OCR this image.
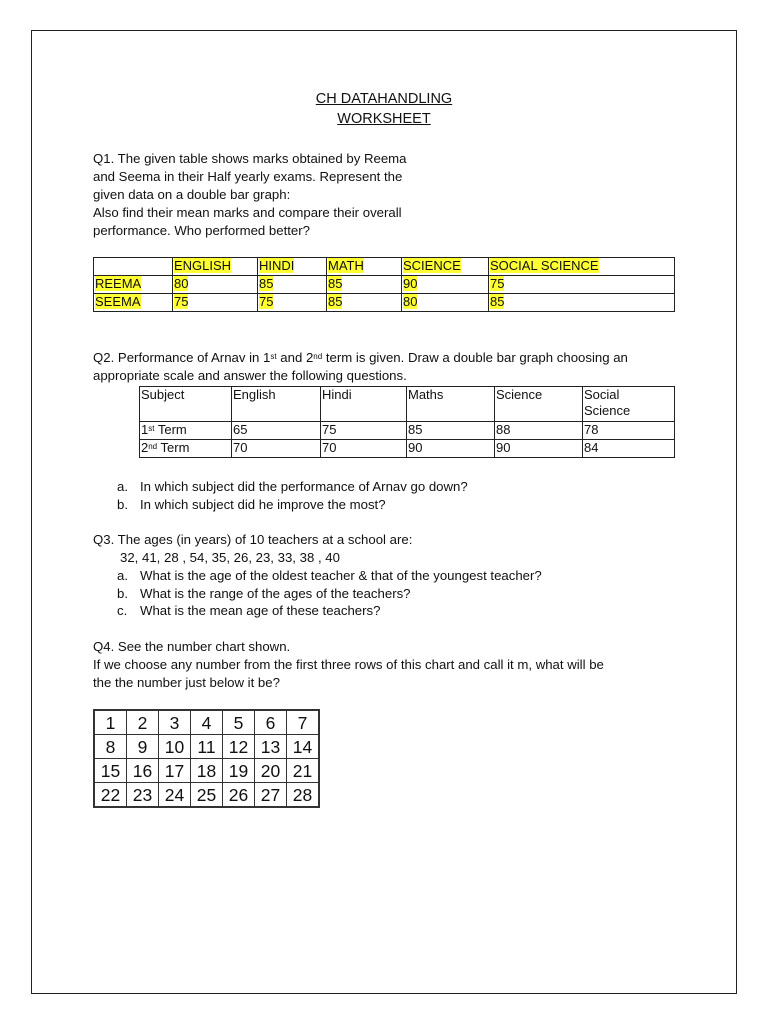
CH DATAHANDLING
WORKSHEET
Q1. The given table shows marks obtained by Reema
and Seema in their Half yearly exams. Represent the
given data on a double bar graph:
Also find their mean marks and compare their overall
performance. Who performed better?
	ENGLISH	HINDI	MATH	SCIENCE	SOCIAL SCIENCE
REEMA	80	85	85	90	75
SEEMA	75	75	85	80	85
Q2. Performance of Arnav in 1st and 2nd term is given. Draw a double bar graph choosing an
appropriate scale and answer the following questions.
Subject	English	Hindi	Maths	Science	Social
Science

1st Term	65	75	85	88	78
2nd Term	70	70	90	90	84
a. In which subject did the performance of Arnav go down?
b. In which subject did he improve the most?
Q3. The ages (in years) of 10 teachers at a school are:
32, 41, 28 , 54, 35, 26, 23, 33, 38 , 40
a. What is the age of the oldest teacher & that of the youngest teacher?
b. What is the range of the ages of the teachers?
c. What is the mean age of these teachers?
Q4. See the number chart shown.
If we choose any number from the first three rows of this chart and call it m, what will be
the the number just below it be?
1	2	3	4	5	6	7
8	9	10	11	12	13	14
15	16	17	18	19	20	21
22	23	24	25	26	27	28
